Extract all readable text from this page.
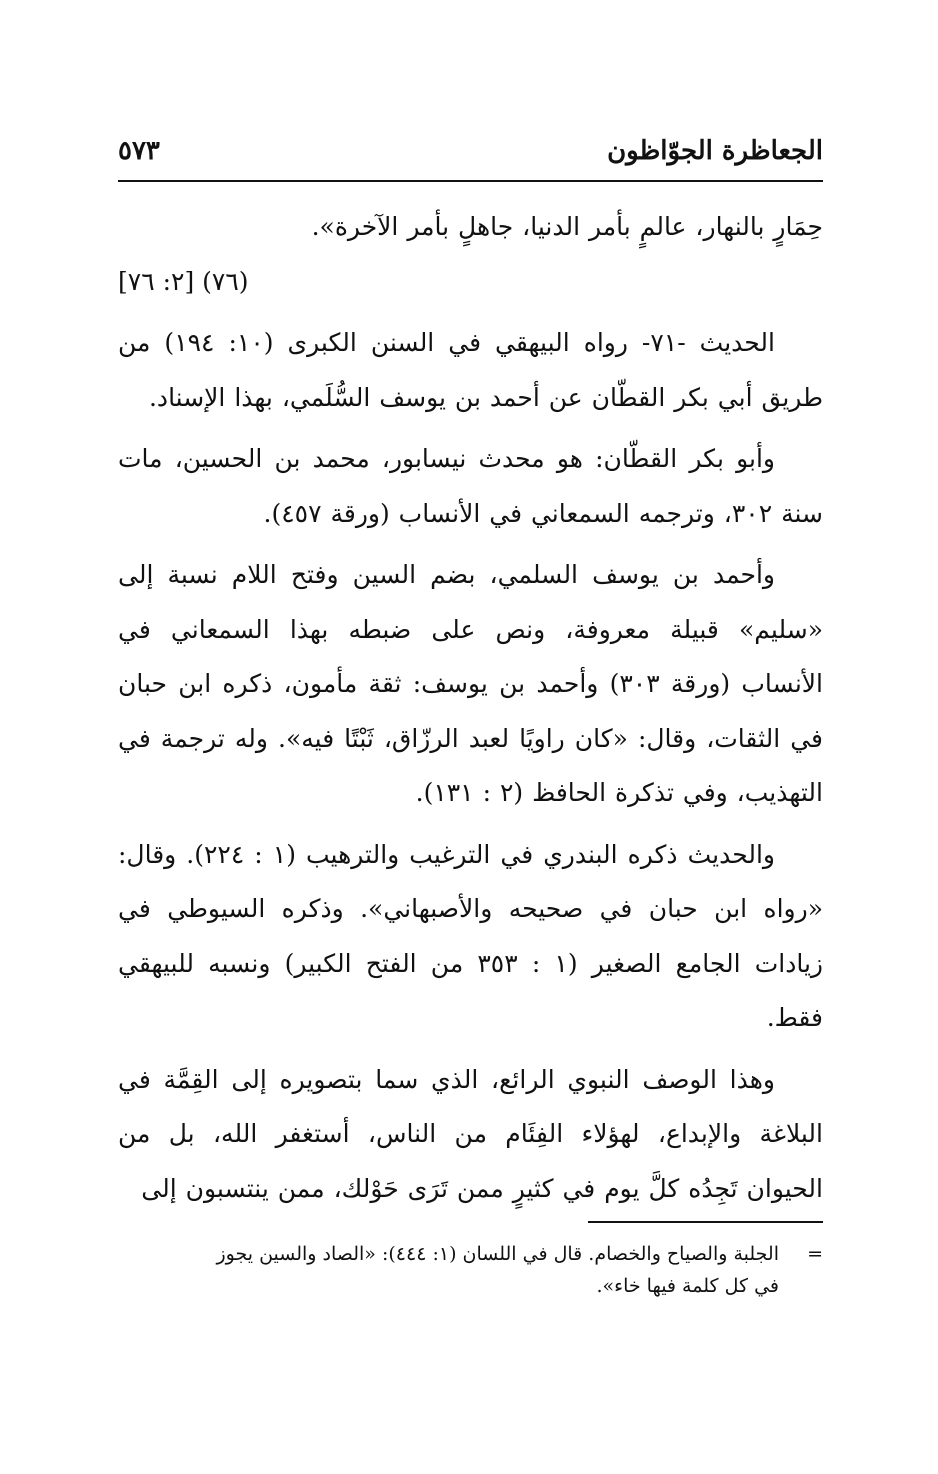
الجعاظرة الجوّاظون
٥٧٣

حِمَارٍ بالنهار، عالمٍ بأمر الدنيا، جاهلٍ بأمر الآخرة».

(٧٦) [٢: ٧٦]

الحديث -٧١- رواه البيهقي في السنن الكبرى (١٠: ١٩٤) من طريق أبي بكر القطّان عن أحمد بن يوسف السُّلَمي، بهذا الإسناد.

وأبو بكر القطّان: هو محدث نيسابور، محمد بن الحسين، مات سنة ٣٠٢، وترجمه السمعاني في الأنساب (ورقة ٤٥٧).

وأحمد بن يوسف السلمي، بضم السين وفتح اللام نسبة إلى «سليم» قبيلة معروفة، ونص على ضبطه بهذا السمعاني في الأنساب (ورقة ٣٠٣) وأحمد بن يوسف: ثقة مأمون، ذكره ابن حبان في الثقات، وقال: «كان راويًا لعبد الرزّاق، ثَبْتًا فيه». وله ترجمة في التهذيب، وفي تذكرة الحافظ (٢ : ١٣١).

والحديث ذكره البندري في الترغيب والترهيب (١ : ٢٢٤). وقال: «رواه ابن حبان في صحيحه والأصبهاني». وذكره السيوطي في زيادات الجامع الصغير (١ : ٣٥٣ من الفتح الكبير) ونسبه للبيهقي فقط.

وهذا الوصف النبوي الرائع، الذي سما بتصويره إلى القِمَّة في البلاغة والإبداع، لهؤلاء الفِئَام من الناس، أستغفر الله، بل من الحيوان تَجِدُه كلَّ يوم في كثيرٍ ممن تَرَى حَوْلك، ممن ينتسبون إلى

=الجلبة والصياح والخصام. قال في اللسان (١: ٤٤٤): «الصاد والسين يجوز

في كل كلمة فيها خاء».
